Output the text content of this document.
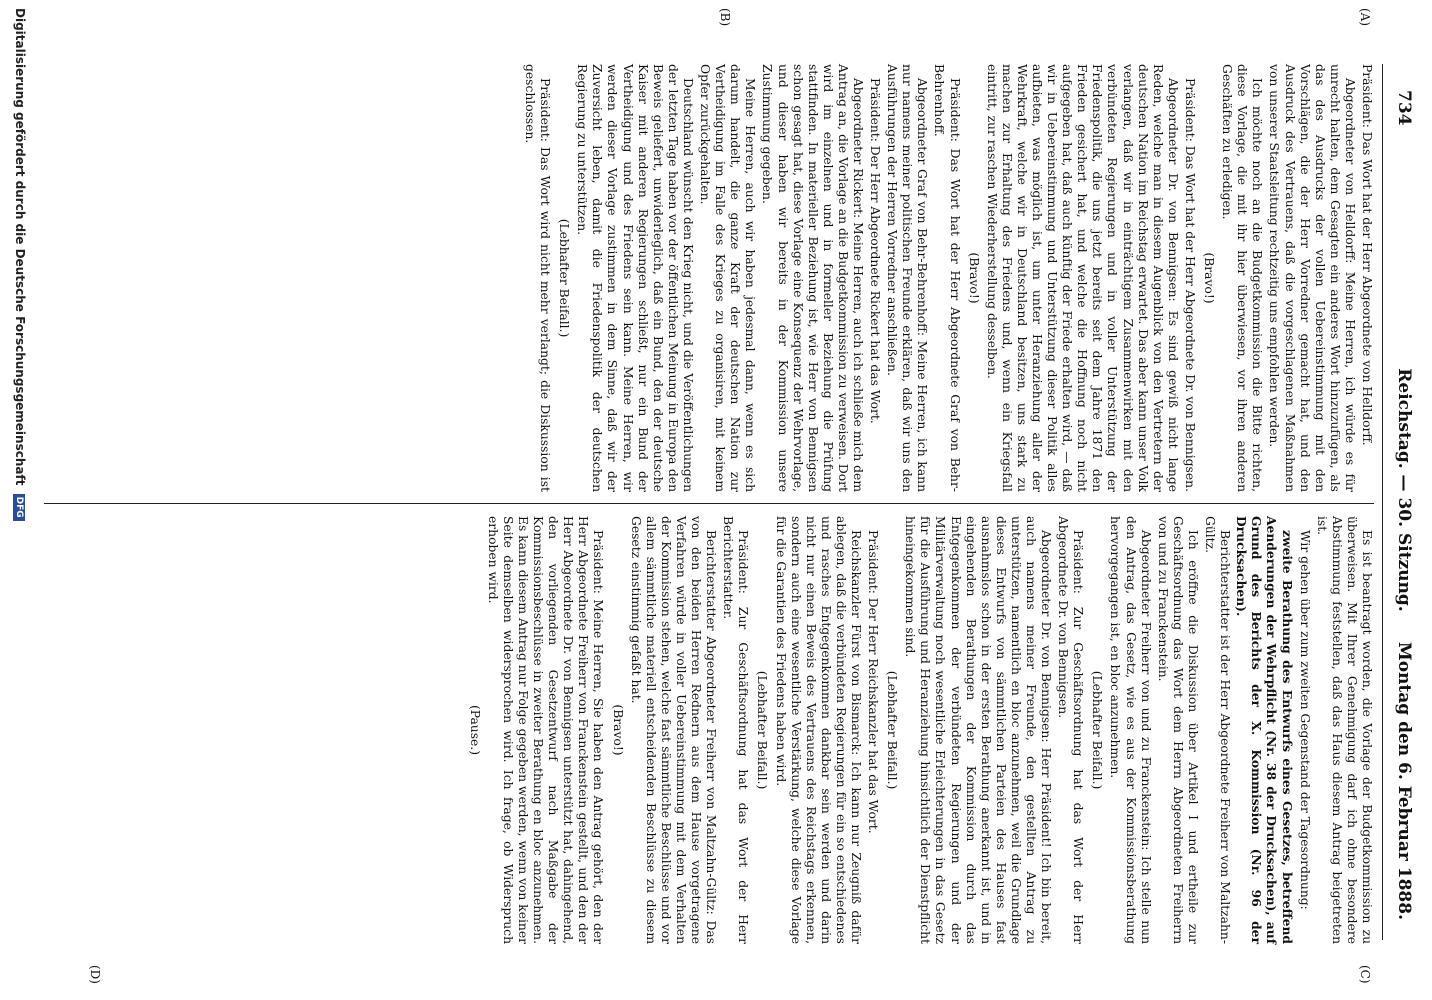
734
Reichstag. — 30. Sitzung.
Montag den 6. Februar 1888.
(A)
(B)
(C)
(D)

Präsident: Das Wort hat der Herr Abgeordnete von Helldorff.

Abgeordneter von Helldorff: Meine Herren, ich würde es für unrecht halten, dem Gesagten ein anderes Wort hinzuzufügen, als das des Ausdrucks der vollen Uebereinstimmung mit den Vorschlägen, die der Herr Vorredner gemacht hat, und den Ausdruck des Vertrauens, daß die vorgeschlagenen Maßnahmen von unserer Staatsleitung rechtzeitig uns empfohlen werden.

Ich möchte noch an die Budgetkommission die Bitte richten, diese Vorlage, die mit ihr hier überwiesen, vor ihren anderen Geschäften zu erledigen.

(Bravo!)

Präsident: Das Wort hat der Herr Abgeordnete Dr. von Bennigsen.

Abgeordneter Dr. von Bennigsen: Es sind gewiß nicht lange Reden, welche man in diesem Augenblick von den Vertretern der deutschen Nation im Reichstag erwartet. Das aber kann unser Volk verlangen, daß wir in einträchtigem Zusammenwirken mit den verbündeten Regierungen und in voller Unterstützung der Friedenspolitik, die uns jetzt bereits seit dem Jahre 1871 den Frieden gesichert hat, und welche die Hoffnung noch nicht aufgegeben hat, daß auch künftig der Friede erhalten wird, — daß wir in Uebereinstimmung und Unterstützung dieser Politik alles aufbieten, was möglich ist, um unter Heranziehung aller der Wehrkraft, welche wir in Deutschland besitzen, uns stark zu machen zur Erhaltung des Friedens und, wenn ein Kriegsfall eintritt, zur raschen Wiederherstellung desselben.

(Bravo!)

Präsident: Das Wort hat der Herr Abgeordnete Graf von Behr-Behrenhoff.

Abgeordneter Graf von Behr-Behrenhoff: Meine Herren, ich kann nur namens meiner politischen Freunde erklären, daß wir uns den Ausführungen der Herren Vorredner anschließen.

Präsident: Der Herr Abgeordnete Rickert hat das Wort.

Abgeordneter Rickert: Meine Herren, auch ich schließe mich dem Antrag an, die Vorlage an die Budgetkommission zu verweisen. Dort wird im einzelnen und in formeller Beziehung die Prüfung stattfinden. In materieller Beziehung ist, wie Herr von Bennigsen schon gesagt hat, diese Vorlage eine Konsequenz der Wehrvorlage, und dieser haben wir bereits in der Kommission unsere Zustimmung gegeben.

Meine Herren, auch wir haben jedesmal dann, wenn es sich darum handelt, die ganze Kraft der deutschen Nation zur Vertheidigung im Falle des Krieges zu organisiren, mit keinem Opfer zurückgehalten.

Deutschland wünscht den Krieg nicht, und die Veröffentlichungen der letzten Tage haben vor der öffentlichen Meinung in Europa den Beweis geliefert, unwiderleglich, daß ein Bund, den der deutsche Kaiser mit anderen Regierungen schließt, nur ein Bund der Vertheidigung und des Friedens sein kann. Meine Herren, wir werden dieser Vorlage zustimmen in dem Sinne, daß wir der Zuversicht leben, damit die Friedenspolitik der deutschen Regierung zu unterstützen.

(Lebhafter Beifall.)

Präsident: Das Wort wird nicht mehr verlangt; die Diskussion ist geschlossen.

Es ist beantragt worden, die Vorlage der Budgetkommission zu überweisen. Mit Ihrer Genehmigung darf ich ohne besondere Abstimmung feststellen, daß das Haus diesem Antrag beigetreten ist.

Wir gehen über zum zweiten Gegenstand der Tagesordnung:

zweite Berathung des Entwurfs eines Gesetzes, betreffend Aenderungen der Wehrpflicht (Nr. 38 der Drucksachen), auf Grund des Berichts der X. Kommission (Nr. 96 der Drucksachen).

Berichterstatter ist der Herr Abgeordnete Freiherr von Maltzahn-Gültz.

Ich eröffne die Diskussion über Artikel I und ertheile zur Geschäftsordnung das Wort dem Herrn Abgeordneten Freiherrn von und zu Franckenstein.

Abgeordneter Freiherr von und zu Franckenstein: Ich stelle nun den Antrag, das Gesetz, wie es aus der Kommissionsberathung hervorgegangen ist, en bloc anzunehmen.

(Lebhafter Beifall.)

Präsident: Zur Geschäftsordnung hat das Wort der Herr Abgeordnete Dr. von Bennigsen.

Abgeordneter Dr. von Bennigsen: Herr Präsident! Ich bin bereit, auch namens meiner Freunde, den gestellten Antrag zu unterstützen, namentlich en bloc anzunehmen, weil die Grundlage dieses Entwurfs von sämmtlichen Parteien des Hauses fast ausnahmslos schon in der ersten Berathung anerkannt ist, und in eingehenden Berathungen der Kommission durch das Entgegenkommen der verbündeten Regierungen und der Militärverwaltung noch wesentliche Erleichterungen in das Gesetz für die Ausführung und Heranziehung hinsichtlich der Dienstpflicht hineingekommen sind.

(Lebhafter Beifall.)

Präsident: Der Herr Reichskanzler hat das Wort.

Reichskanzler Fürst von Bismarck: Ich kann nur Zeugniß dafür ablegen, daß die verbündeten Regierungen für ein so entschiedenes und rasches Entgegenkommen dankbar sein werden und darin nicht nur einen Beweis des Vertrauens des Reichstags erkennen, sondern auch eine wesentliche Verstärkung, welche diese Vorlage für die Garantien des Friedens haben wird.

(Lebhafter Beifall.)

Präsident: Zur Geschäftsordnung hat das Wort der Herr Berichterstatter.

Berichterstatter Abgeordneter Freiherr von Maltzahn-Gültz: Das von den beiden Herren Rednern aus dem Hause vorgetragene Verfahren würde in voller Uebereinstimmung mit dem Verhalten der Kommission stehen, welche fast sämmtliche Beschlüsse und vor allem sämmtliche materiell entscheidenden Beschlüsse zu diesem Gesetz einstimmig gefaßt hat.

(Bravo!)

Präsident: Meine Herren, Sie haben den Antrag gehört, den der Herr Abgeordnete Freiherr von Franckenstein gestellt, und den der Herr Abgeordnete Dr. von Bennigsen unterstützt hat, dahingehend, den vorliegenden Gesetzentwurf nach Maßgabe der Kommissionsbeschlüsse in zweiter Berathung en bloc anzunehmen. Es kann diesem Antrag nur Folge gegeben werden, wenn von keiner Seite demselben widersprochen wird. Ich frage, ob Widerspruch erhoben wird.

(Pause.)

Digitalisierung gefördert durch die Deutsche Forschungsgemeinschaft DFG
